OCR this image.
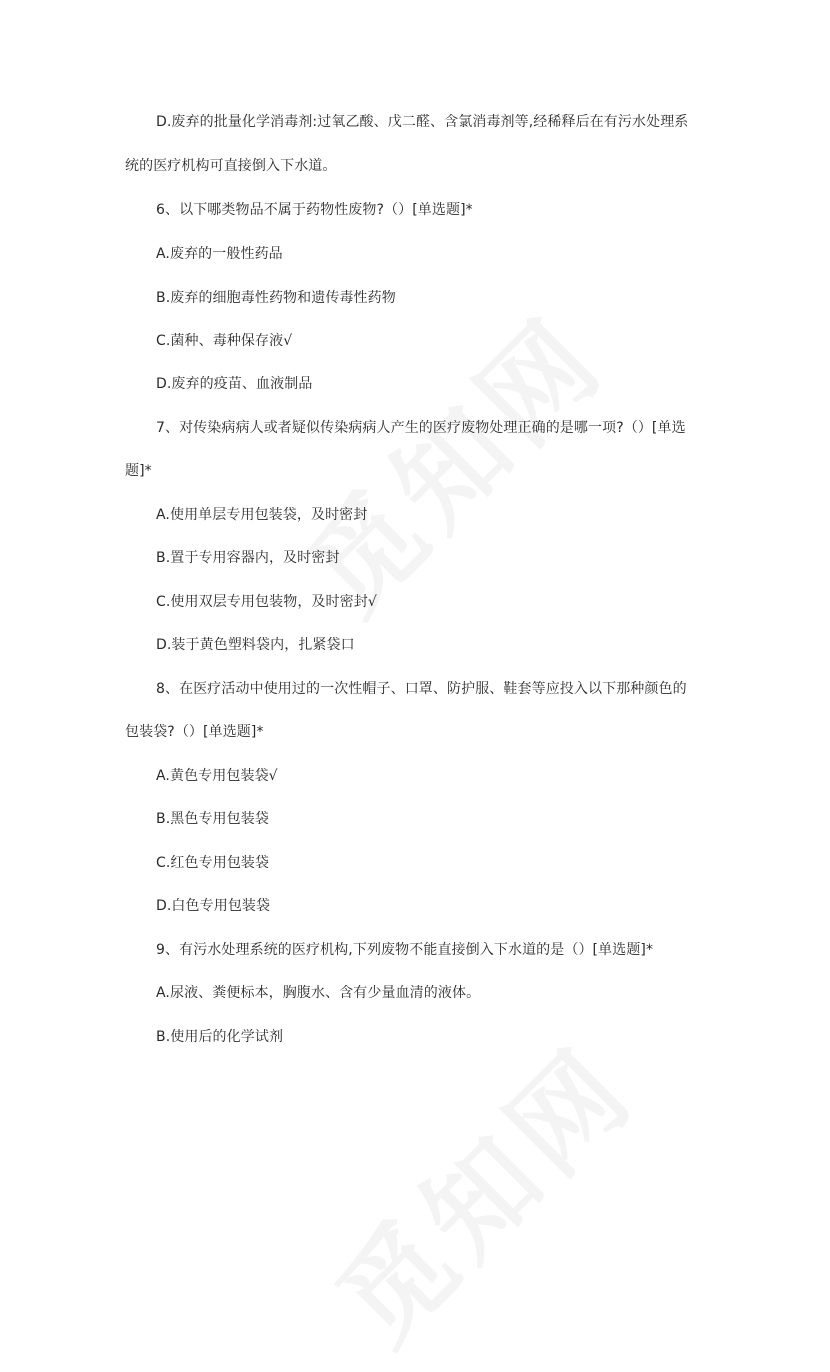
D.废弃的批量化学消毒剂:过氧乙酸、戊二醛、含氯消毒剂等,经稀释后在有污水处理系
统的医疗机构可直接倒入下水道。
6、以下哪类物品不属于药物性废物?（）[单选题]*
A.废弃的一般性药品
B.废弃的细胞毒性药物和遗传毒性药物
C.菌种、毒种保存液√
D.废弃的疫苗、血液制品
7、对传染病病人或者疑似传染病病人产生的医疗废物处理正确的是哪一项?（）[单选
题]*
A.使用单层专用包装袋，及时密封
B.置于专用容器内，及时密封
C.使用双层专用包装物，及时密封√
D.装于黄色塑料袋内，扎紧袋口
8、在医疗活动中使用过的一次性帽子、口罩、防护服、鞋套等应投入以下那种颜色的
包装袋?（）[单选题]*
A.黄色专用包装袋√
B.黑色专用包装袋
C.红色专用包装袋
D.白色专用包装袋
9、有污水处理系统的医疗机构,下列废物不能直接倒入下水道的是（）[单选题]*
A.尿液、粪便标本，胸腹水、含有少量血清的液体。
B.使用后的化学试剂
